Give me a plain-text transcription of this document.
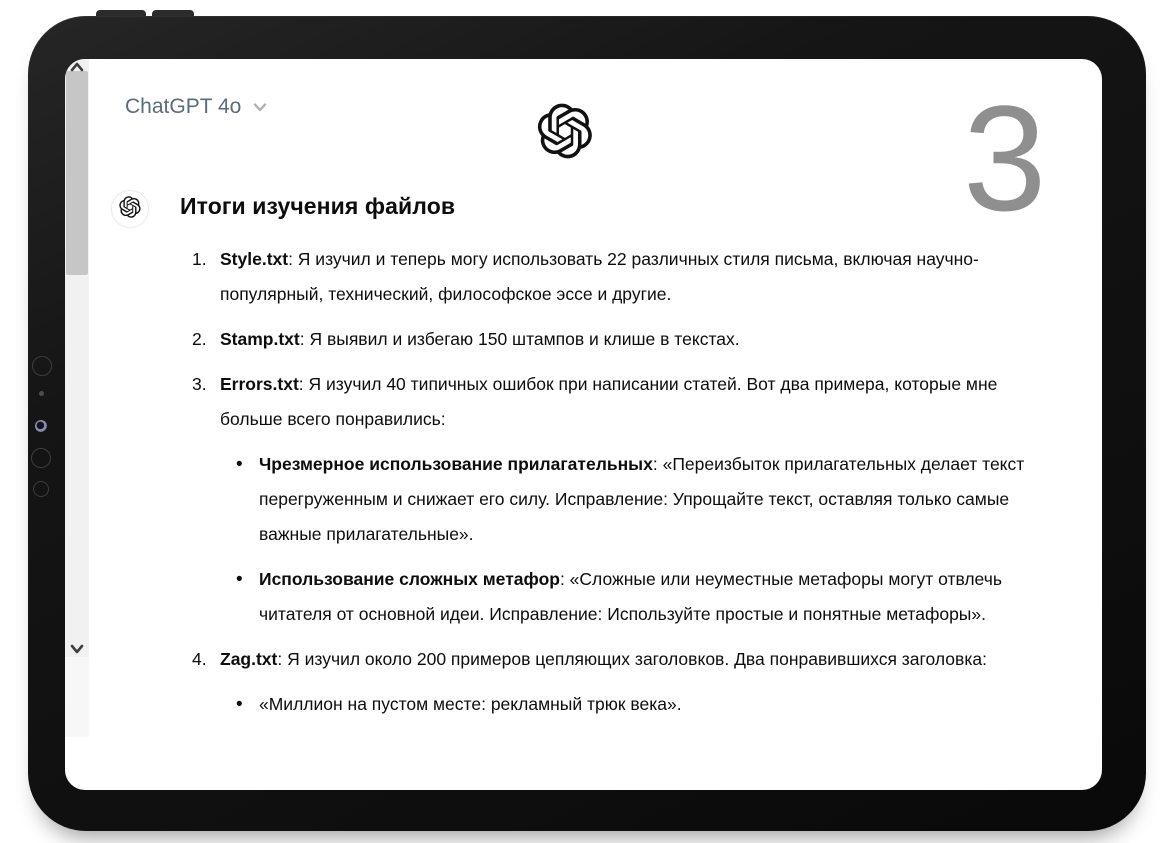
ChatGPT 4o	3
Итоги изучения файлов
1. Style.txt: Я изучил и теперь могу использовать 22 различных стиля письма, включая научно-популярный, технический, философское эссе и другие.

2. Stamp.txt: Я выявил и избегаю 150 штампов и клише в текстах.

3. Errors.txt: Я изучил 40 типичных ошибок при написании статей. Вот два примера, которые мне больше всего понравились:

• Чрезмерное использование прилагательных: «Переизбыток прилагательных делает текст перегруженным и снижает его силу. Исправление: Упрощайте текст, оставляя только самые важные прилагательные».

• Использование сложных метафор: «Сложные или неуместные метафоры могут отвлечь читателя от основной идеи. Исправление: Используйте простые и понятные метафоры».

4. Zag.txt: Я изучил около 200 примеров цепляющих заголовков. Два понравившихся заголовка:

• «Миллион на пустом месте: рекламный трюк века».
